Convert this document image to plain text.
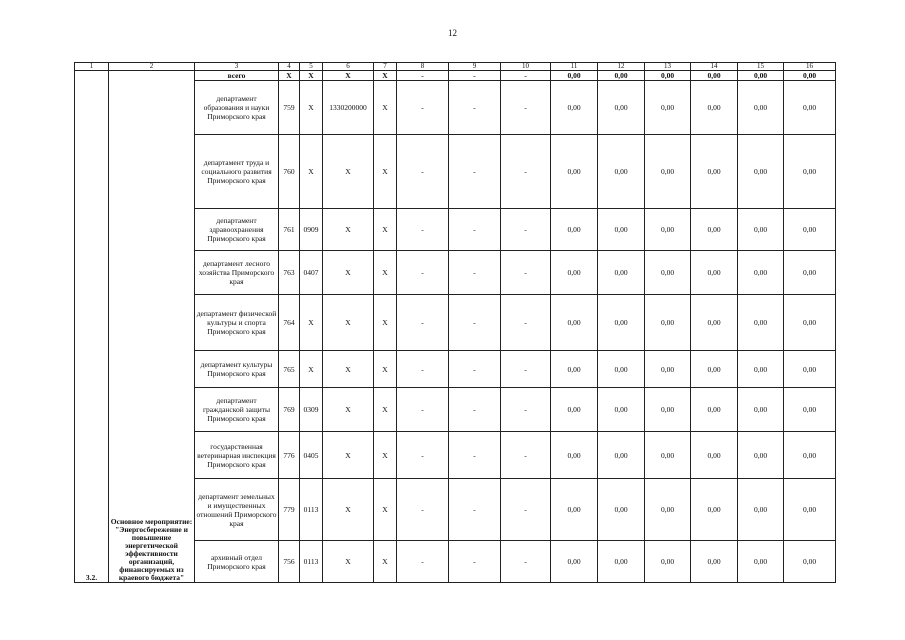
12
1	2	3	4	5	6	7	8	9	10	11	12	13	14	15	16
3.2.	Основное мероприятие: "Энергосбережение и повышение энергетической эффективности организаций, финансируемых из краевого бюджета"	всего	X	X	X	X	-	-	-	0,00	0,00	0,00	0,00	0,00	0,00
		департамент образования и науки Приморского края	759	X	1330200000	X	-	-	-	0,00	0,00	0,00	0,00	0,00	0,00
		департамент труда и социального развития Приморского края	760	X	X	X	-	-	-	0,00	0,00	0,00	0,00	0,00	0,00
		департамент здравоохранения Приморского края	761	0909	X	X	-	-	-	0,00	0,00	0,00	0,00	0,00	0,00
		департамент лесного хозяйства Приморского края	763	0407	X	X	-	-	-	0,00	0,00	0,00	0,00	0,00	0,00
		департамент физической культуры и спорта Приморского края	764	X	X	X	-	-	-	0,00	0,00	0,00	0,00	0,00	0,00
		департамент культуры Приморского края	765	X	X	X	-	-	-	0,00	0,00	0,00	0,00	0,00	0,00
		департамент гражданской защиты Приморского края	769	0309	X	X	-	-	-	0,00	0,00	0,00	0,00	0,00	0,00
		государственная ветеринарная инспекция Приморского края	776	0405	X	X	-	-	-	0,00	0,00	0,00	0,00	0,00	0,00
		департамент земельных и имущественных отношений Приморского края	779	0113	X	X	-	-	-	0,00	0,00	0,00	0,00	0,00	0,00
		архивный отдел Приморского края	756	0113	X	X	-	-	-	0,00	0,00	0,00	0,00	0,00	0,00
